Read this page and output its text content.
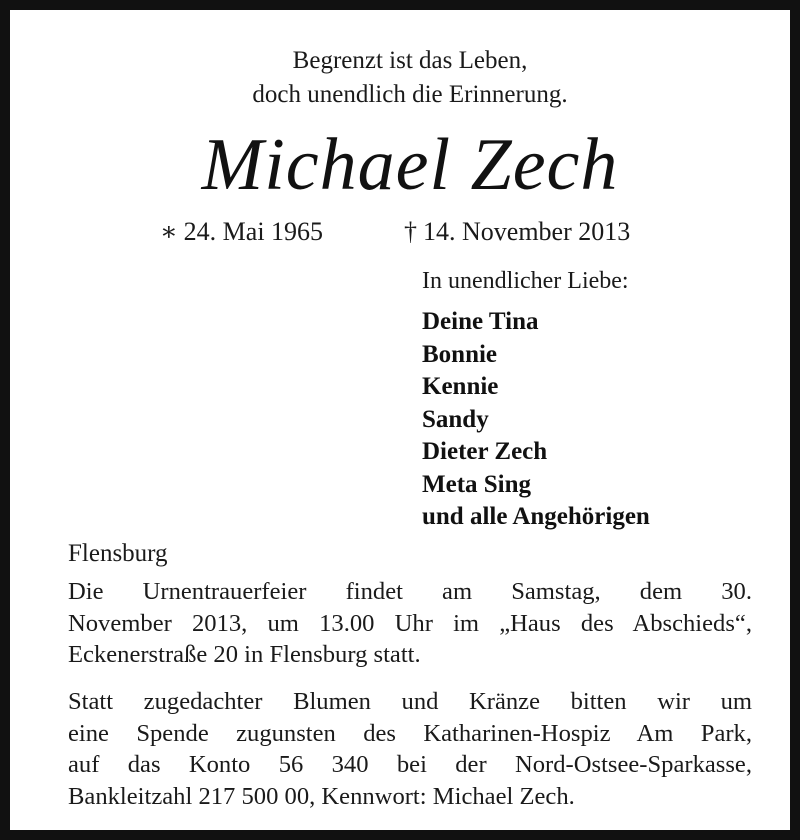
Begrenzt ist das Leben,
doch unendlich die Erinnerung.
Michael Zech
∗ 24. Mai 1965	† 14. November 2013
In unendlicher Liebe:
Deine Tina
Bonnie
Kennie
Sandy
Dieter Zech
Meta Sing
und alle Angehörigen
Flensburg

Die Urnentrauerfeier findet am Samstag, dem 30.
November 2013, um 13.00 Uhr im „Haus des Abschieds“,
Eckenerstraße 20 in Flensburg statt.

Statt zugedachter Blumen und Kränze bitten wir um
eine Spende zugunsten des Katharinen-Hospiz Am Park,
auf das Konto 56 340 bei der Nord-Ostsee-Sparkasse,
Bankleitzahl 217 500 00, Kennwort: Michael Zech.
